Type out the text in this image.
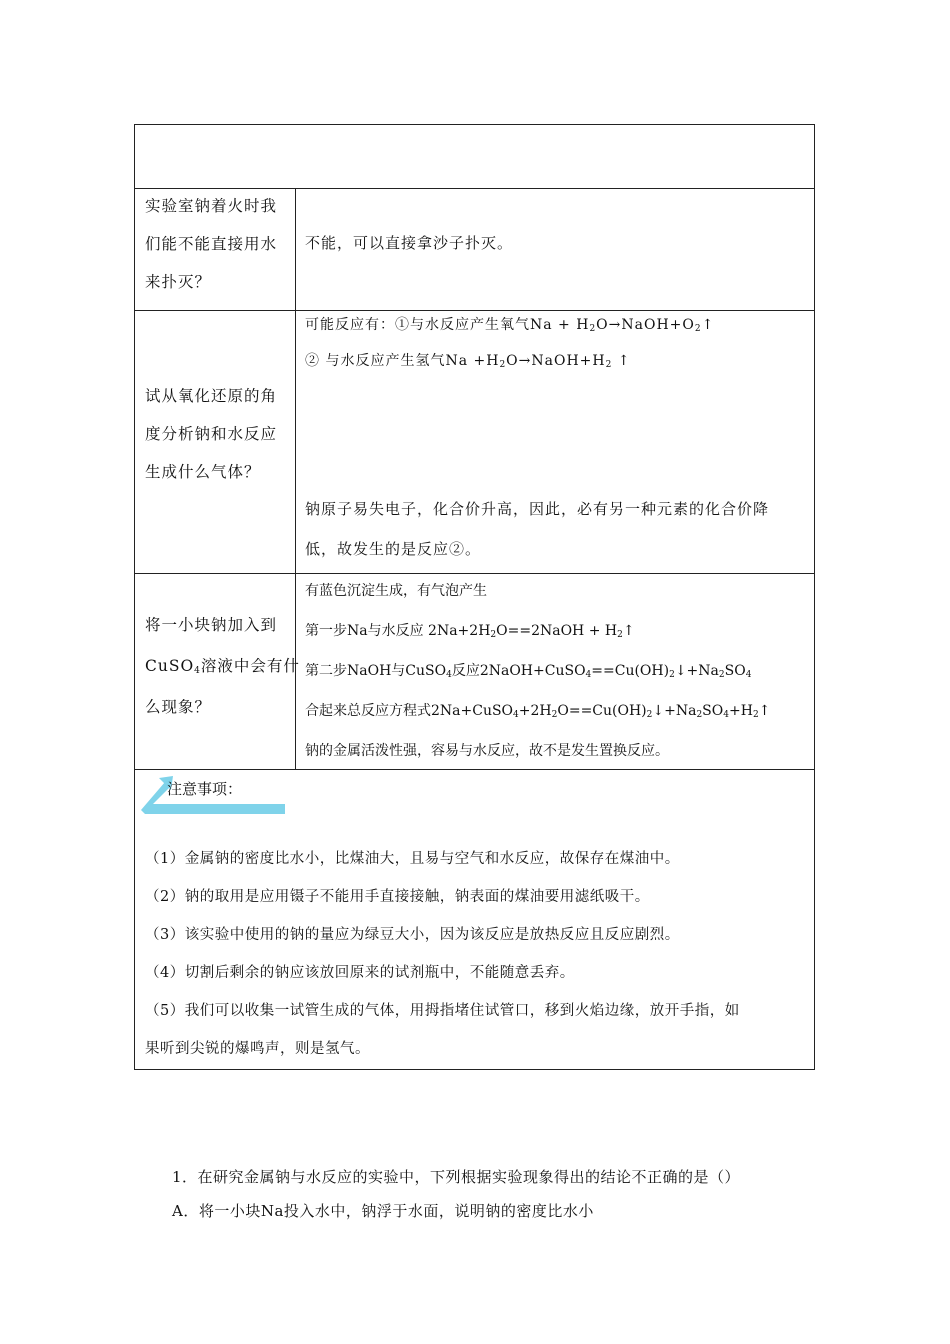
实验室钠着火时我们能不能直接用水来扑灭？
不能，可以直接拿沙子扑灭。
试从氧化还原的角度分析钠和水反应生成什么气体？
可能反应有：①与水反应产生氧气$Na + H_2O\to NaOH+O_2↑$
② 与水反应产生氢气$Na +H_2O\to NaOH+H_2$ ↑
钠原子易失电子，化合价升高，因此，必有另一种元素的化合价降
低，故发生的是反应②。
将一小块钠加入到
CuSO$_4$溶液中会有什
么现象？
有蓝色沉淀生成，有气泡产生
第一步Na与水反应 $2Na+2H_2O==2NaOH$ + $H_2↑$
第二步NaOH与CuSO$_4$反应$2NaOH+CuSO_4==Cu(OH)_2↓+Na_2SO_4$
合起来总反应方程式$2Na+CuSO_4+2H_2O==Cu(OH)_2↓+Na_2SO_4+H_2↑$
钠的金属活泼性强，容易与水反应，故不是发生置换反应。
注意事项：
（1）金属钠的密度比水小，比煤油大，且易与空气和水反应，故保存在煤油中。
（2）钠的取用是应用镊子不能用手直接接触，钠表面的煤油要用滤纸吸干。
（3）该实验中使用的钠的量应为绿豆大小，因为该反应是放热反应且反应剧烈。
（4）切割后剩余的钠应该放回原来的试剂瓶中，不能随意丢弃。
（5）我们可以收集一试管生成的气体，用拇指堵住试管口，移到火焰边缘，放开手指，如
果听到尖锐的爆鸣声，则是氢气。
1．在研究金属钠与水反应的实验中，下列根据实验现象得出的结论不正确的是（）
A．将一小块Na投入水中，钠浮于水面，说明钠的密度比水小
